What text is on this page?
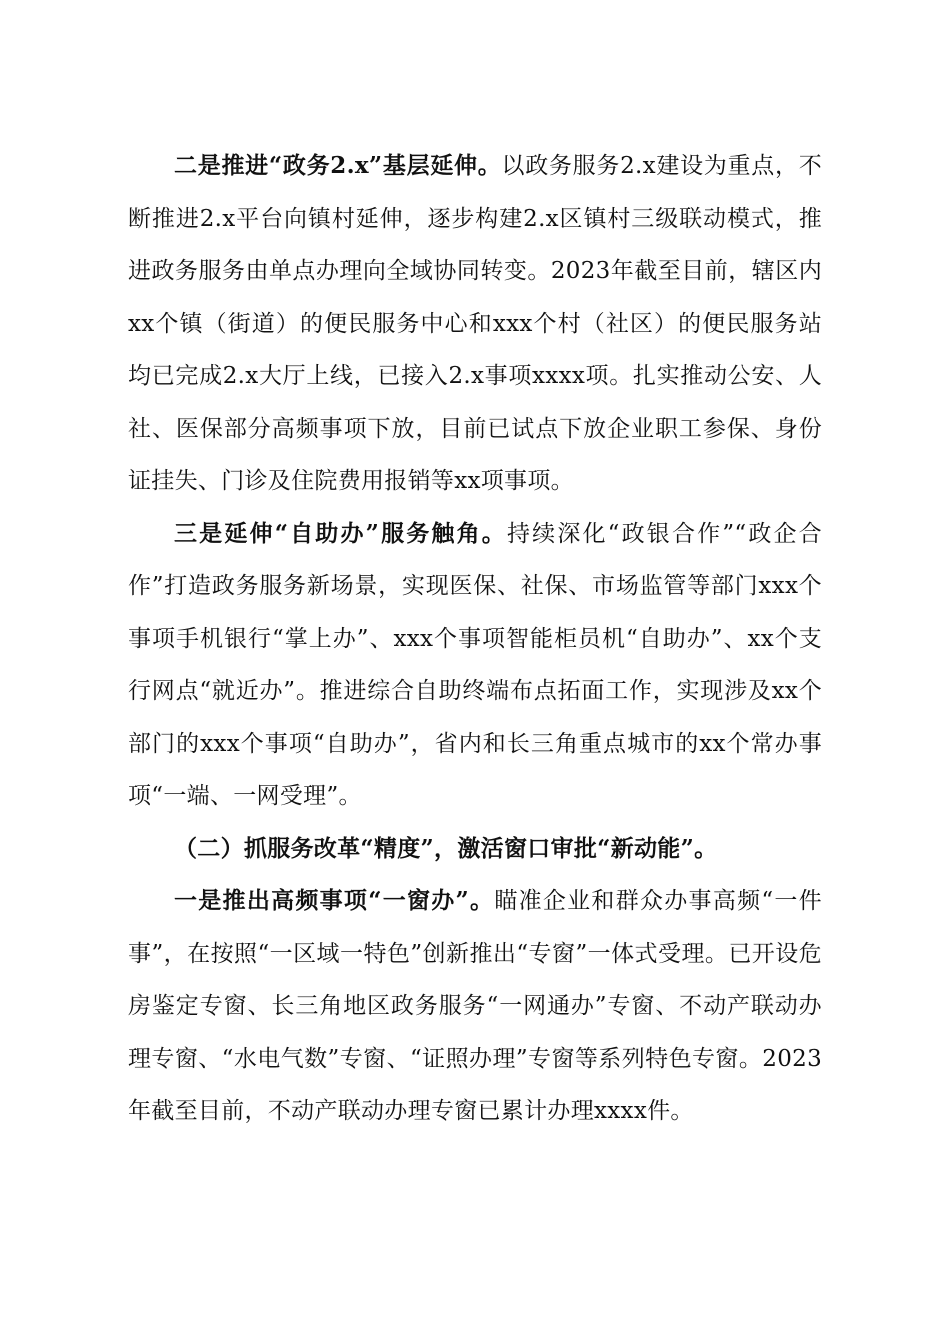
二是推进“政务2.x”基层延伸。以政务服务2.x建设为重点，不断推进2.x平台向镇村延伸，逐步构建2.x区镇村三级联动模式，推进政务服务由单点办理向全域协同转变。2023年截至目前，辖区内xx个镇（街道）的便民服务中心和xxx个村（社区）的便民服务站均已完成2.x大厅上线，已接入2.x事项xxxx项。扎实推动公安、人社、医保部分高频事项下放，目前已试点下放企业职工参保、身份证挂失、门诊及住院费用报销等xx项事项。

三是延伸“自助办”服务触角。持续深化“政银合作”“政企合作”打造政务服务新场景，实现医保、社保、市场监管等部门xxx个事项手机银行“掌上办”、xxx个事项智能柜员机“自助办”、xx个支行网点“就近办”。推进综合自助终端布点拓面工作，实现涉及xx个部门的xxx个事项“自助办”，省内和长三角重点城市的xx个常办事项“一端、一网受理”。

（二）抓服务改革“精度”，激活窗口审批“新动能”。

一是推出高频事项“一窗办”。瞄准企业和群众办事高频“一件事”，在按照“一区域一特色”创新推出“专窗”一体式受理。已开设危房鉴定专窗、长三角地区政务服务“一网通办”专窗、不动产联动办理专窗、“水电气数”专窗、“证照办理”专窗等系列特色专窗。2023年截至目前，不动产联动办理专窗已累计办理xxxx件。
